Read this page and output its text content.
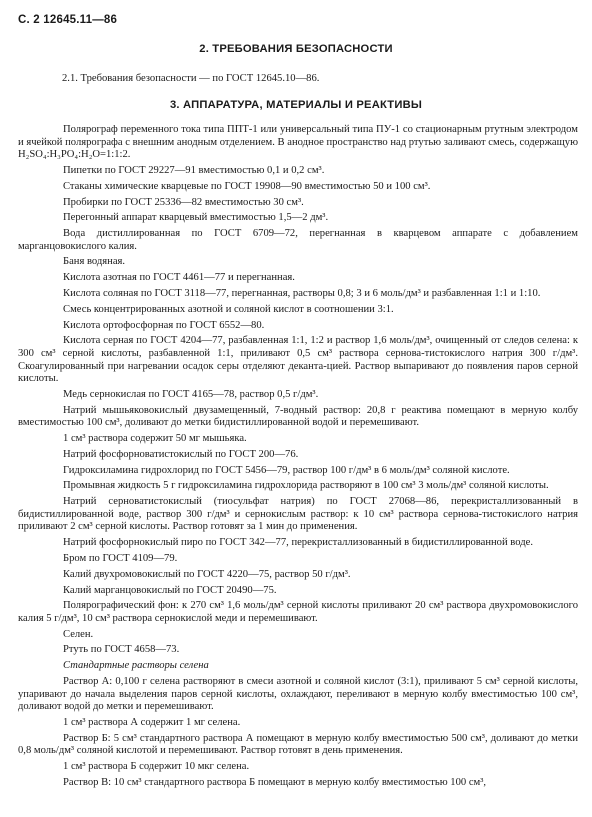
С. 2 12645.11—86
2. ТРЕБОВАНИЯ БЕЗОПАСНОСТИ
2.1. Требования безопасности — по ГОСТ 12645.10—86.
3. АППАРАТУРА, МАТЕРИАЛЫ И РЕАКТИВЫ

Полярограф переменного тока типа ППТ-1 или универсальный типа ПУ-1 со стационарным ртутным электродом и ячейкой полярографа с внешним анодным отделением. В анодное пространство над ртутью заливают смесь, содержащую H₂SO₄:H₃PO₄:H₂O=1:1:2.

Пипетки по ГОСТ 29227—91 вместимостью 0,1 и 0,2 см³.

Стаканы химические кварцевые по ГОСТ 19908—90 вместимостью 50 и 100 см³.

Пробирки по ГОСТ 25336—82 вместимостью 30 см³.

Перегонный аппарат кварцевый вместимостью 1,5—2 дм³.

Вода дистиллированная по ГОСТ 6709—72, перегнанная в кварцевом аппарате с добавлением марганцовокислого калия.

Баня водяная.

Кислота азотная по ГОСТ 4461—77 и перегнанная.

Кислота соляная по ГОСТ 3118—77, перегнанная, растворы 0,8; 3 и 6 моль/дм³ и разбавленная 1:1 и 1:10.

Смесь концентрированных азотной и соляной кислот в соотношении 3:1.

Кислота ортофосфорная по ГОСТ 6552—80.

Кислота серная по ГОСТ 4204—77, разбавленная 1:1, 1:2 и раствор 1,6 моль/дм³, очищенный от следов селена: к 300 см³ серной кислоты, разбавленной 1:1, приливают 0,5 см³ раствора сернова-тистокислого натрия 300 г/дм³. Скоагулированный при нагревании осадок серы отделяют деканта-цией. Раствор выпаривают до появления паров серной кислоты.

Медь сернокислая по ГОСТ 4165—78, раствор 0,5 г/дм³.

Натрий мышьяковокислый двузамещенный, 7-водный раствор: 20,8 г реактива помещают в мерную колбу вместимостью 100 см³, доливают до метки бидистиллированной водой и перемешивают.

1 см³ раствора содержит 50 мг мышьяка.

Натрий фосфорноватистокислый по ГОСТ 200—76.

Гидроксиламина гидрохлорид по ГОСТ 5456—79, раствор 100 г/дм³ в 6 моль/дм³ соляной кислоте.

Промывная жидкость 5 г гидроксиламина гидрохлорида растворяют в 100 см³ 3 моль/дм³ соляной кислоты.

Натрий серноватистокислый (тиосульфат натрия) по ГОСТ 27068—86, перекристаллизованный в бидистиллированной воде, раствор 300 г/дм³ и сернокислым раствор: к 10 см³ раствора сернова-тистокислого натрия приливают 2 см³ серной кислоты. Раствор готовят за 1 мин до применения.

Натрий фосфорнокислый пиро по ГОСТ 342—77, перекристаллизованный в бидистиллированной воде.

Бром по ГОСТ 4109—79.

Калий двухромовокислый по ГОСТ 4220—75, раствор 50 г/дм³.

Калий марганцовокислый по ГОСТ 20490—75.

Полярографический фон: к 270 см³ 1,6 моль/дм³ серной кислоты приливают 20 см³ раствора двухромовокислого калия 5 г/дм³, 10 см³ раствора сернокислой меди и перемешивают.

Селен.

Ртуть по ГОСТ 4658—73.

Стандартные растворы селена

Раствор А: 0,100 г селена растворяют в смеси азотной и соляной кислот (3:1), приливают 5 см³ серной кислоты, упаривают до начала выделения паров серной кислоты, охлаждают, переливают в мерную колбу вместимостью 100 см³, доливают водой до метки и перемешивают.

1 см³ раствора А содержит 1 мг селена.

Раствор Б: 5 см³ стандартного раствора А помещают в мерную колбу вместимостью 500 см³, доливают до метки 0,8 моль/дм³ соляной кислотой и перемешивают. Раствор готовят в день применения.

1 см³ раствора Б содержит 10 мкг селена.

Раствор В: 10 см³ стандартного раствора Б помещают в мерную колбу вместимостью 100 см³,
